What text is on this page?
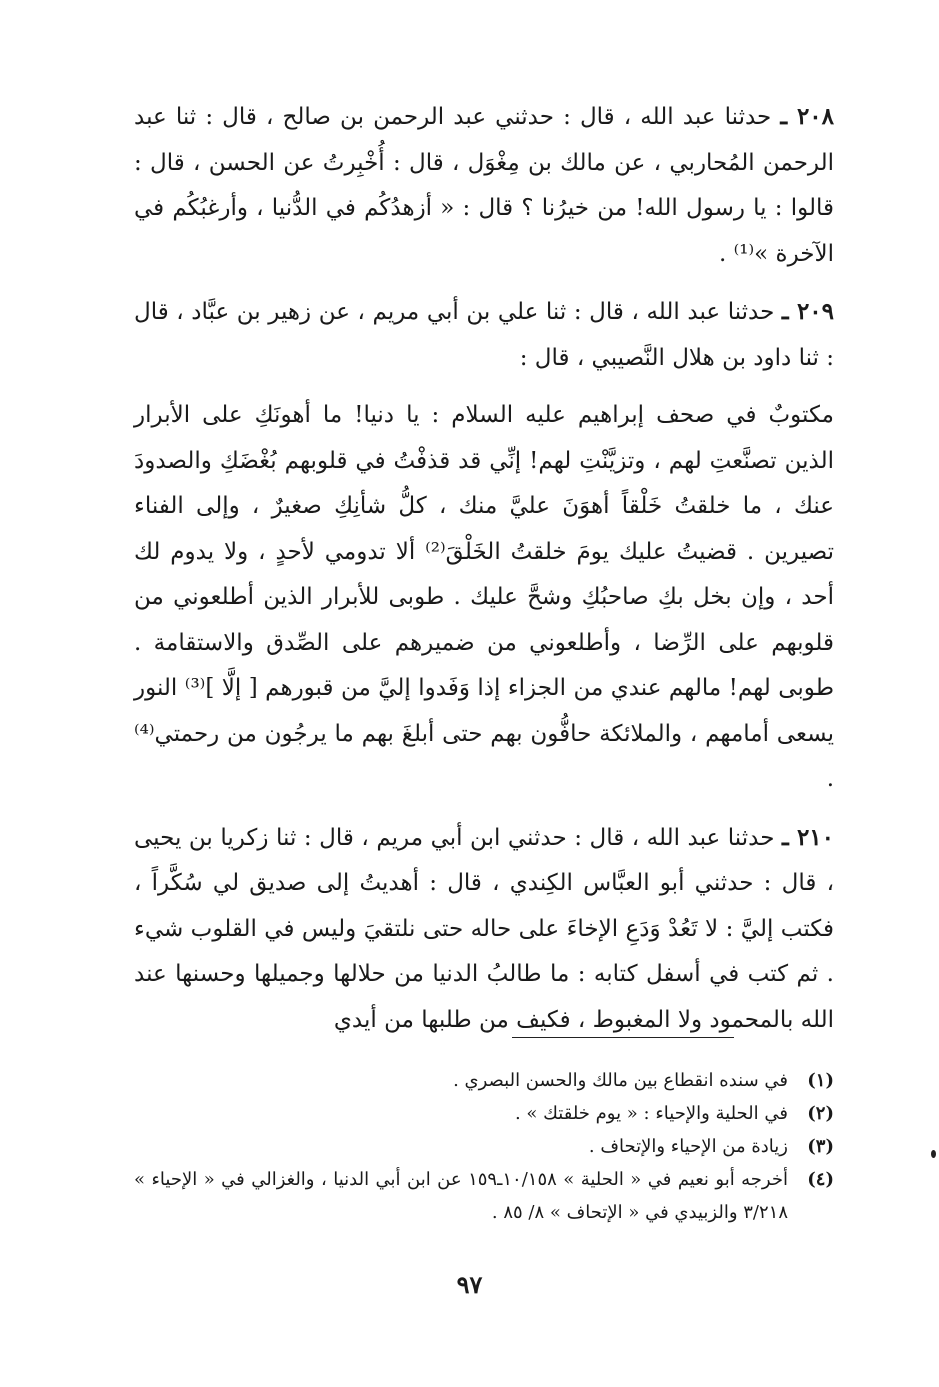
٢٠٨ ـ حدثنا عبد الله ، قال : حدثني عبد الرحمن بن صالح ، قال : ثنا عبد الرحمن المُحاربي ، عن مالك بن مِغْوَل ، قال : أُخْبِرتُ عن الحسن ، قال : قالوا : يا رسول الله! من خيرُنا ؟ قال : « أزهدُكُم في الدُّنيا ، وأرغبُكُم في الآخرة »⁽¹⁾ .

٢٠٩ ـ حدثنا عبد الله ، قال : ثنا علي بن أبي مريم ، عن زهير بن عبَّاد ، قال : ثنا داود بن هلال النَّصيبي ، قال :

مكتوبٌ في صحف إبراهيم عليه السلام : يا دنيا! ما أهونَكِ على الأبرار الذين تصنَّعتِ لهم ، وتزيَّنْتِ لهم! إنِّي قد قذفْتُ في قلوبهم بُغْضَكِ والصدودَ عنك ، ما خلقتُ خَلْقاً أهوَنَ عليَّ منك ، كلُّ شأنِكِ صغيرٌ ، وإلى الفناء تصيرين . قضيتُ عليك يومَ خلقتُ الخَلْقَ⁽²⁾ ألا تدومي لأحدٍ ، ولا يدوم لك أحد ، وإن بخل بكِ صاحبُكِ وشحَّ عليك . طوبى للأبرار الذين أطلعوني من قلوبهم على الرِّضا ، وأطلعوني من ضميرهم على الصِّدق والاستقامة . طوبى لهم! مالهم عندي من الجزاء إذا وَفَدوا إليَّ من قبورهم [ إلَّا ]⁽³⁾ النور يسعى أمامهم ، والملائكة حافُّون بهم حتى أبلغَ بهم ما يرجُون من رحمتي⁽⁴⁾ .

٢١٠ ـ حدثنا عبد الله ، قال : حدثني ابن أبي مريم ، قال : ثنا زكريا بن يحيى ، قال : حدثني أبو العبَّاس الكِندي ، قال : أهديتُ إلى صديق لي سُكَّراً ، فكتب إليَّ : لا تَعُدْ وَدَعِ الإخاءَ على حاله حتى نلتقيَ وليس في القلوب شيء . ثم كتب في أسفل كتابه : ما طالبُ الدنيا من حلالها وجميلها وحسنها عند الله بالمحمود ولا المغبوط ، فكيف من طلبها من أيدي

(١)
في سنده انقطاع بين مالك والحسن البصري .
(٢)
في الحلية والإحياء : « يوم خلقتك » .
(٣)
زيادة من الإحياء والإتحاف .
(٤)
أخرجه أبو نعيم في « الحلية » ١٠/١٥٨ـ١٥٩ عن ابن أبي الدنيا ، والغزالي في « الإحياء » ٣/٢١٨ والزبيدي في « الإتحاف » ٨/ ٨٥ .
٩٧
